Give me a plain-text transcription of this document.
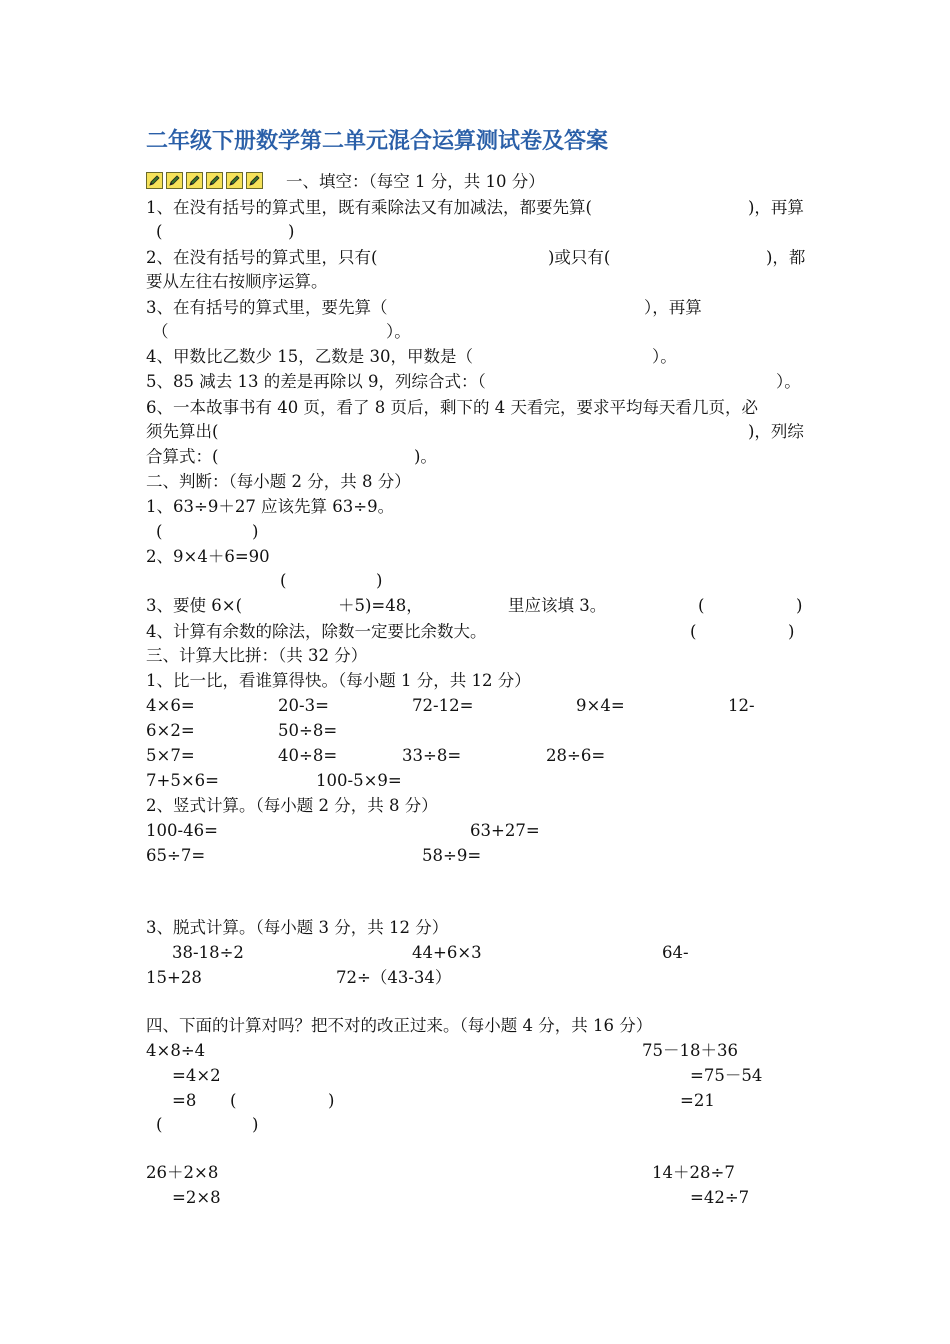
二年级下册数学第二单元混合运算测试卷及答案
一、填空：（每空 1 分，共 10 分）
1、在没有括号的算式里，既有乘除法又有加减法，都要先算(	)，再算
(	)
2、在没有括号的算式里，只有(	)或只有(	)，都
要从左往右按顺序运算。
3、在有括号的算式里，要先算（	），再算
（	）。
4、甲数比乙数少 15，乙数是 30，甲数是（	）。
5、85 减去 13 的差是再除以 9，列综合式：（	）。
6、一本故事书有 40 页，看了 8 页后，剩下的 4 天看完，要求平均每天看几页，必
须先算出(	)，列综
合算式：(	)。
二、判断：（每小题 2 分，共 8 分）
1、63÷9＋27 应该先算 63÷9。
(	)
2、9×4＋6=90
(	)
3、要使 6×(	＋5)=48，	里应该填 3。	(	)
4、计算有余数的除法，除数一定要比余数大。	(	)
三、计算大比拼：（共 32 分）
1、比一比，看谁算得快。（每小题 1 分，共 12 分）
4×6=	20-3=	72-12=	9×4=	12-
6×2=	50÷8=
5×7=	40÷8=	33÷8=	28÷6=
7+5×6=	100-5×9=
2、竖式计算。（每小题 2 分，共 8 分）
100-46=	63+27=
65÷7=	58÷9=
3、脱式计算。（每小题 3 分，共 12 分）
38-18÷2	44+6×3	64-
15+28	72÷（43-34）
四、下面的计算对吗？把不对的改正过来。（每小题 4 分，共 16 分）
4×8÷4	75－18＋36
=4×2	=75－54
=8 (	)	=21
(	)
26＋2×8	14＋28÷7
=2×8	=42÷7
